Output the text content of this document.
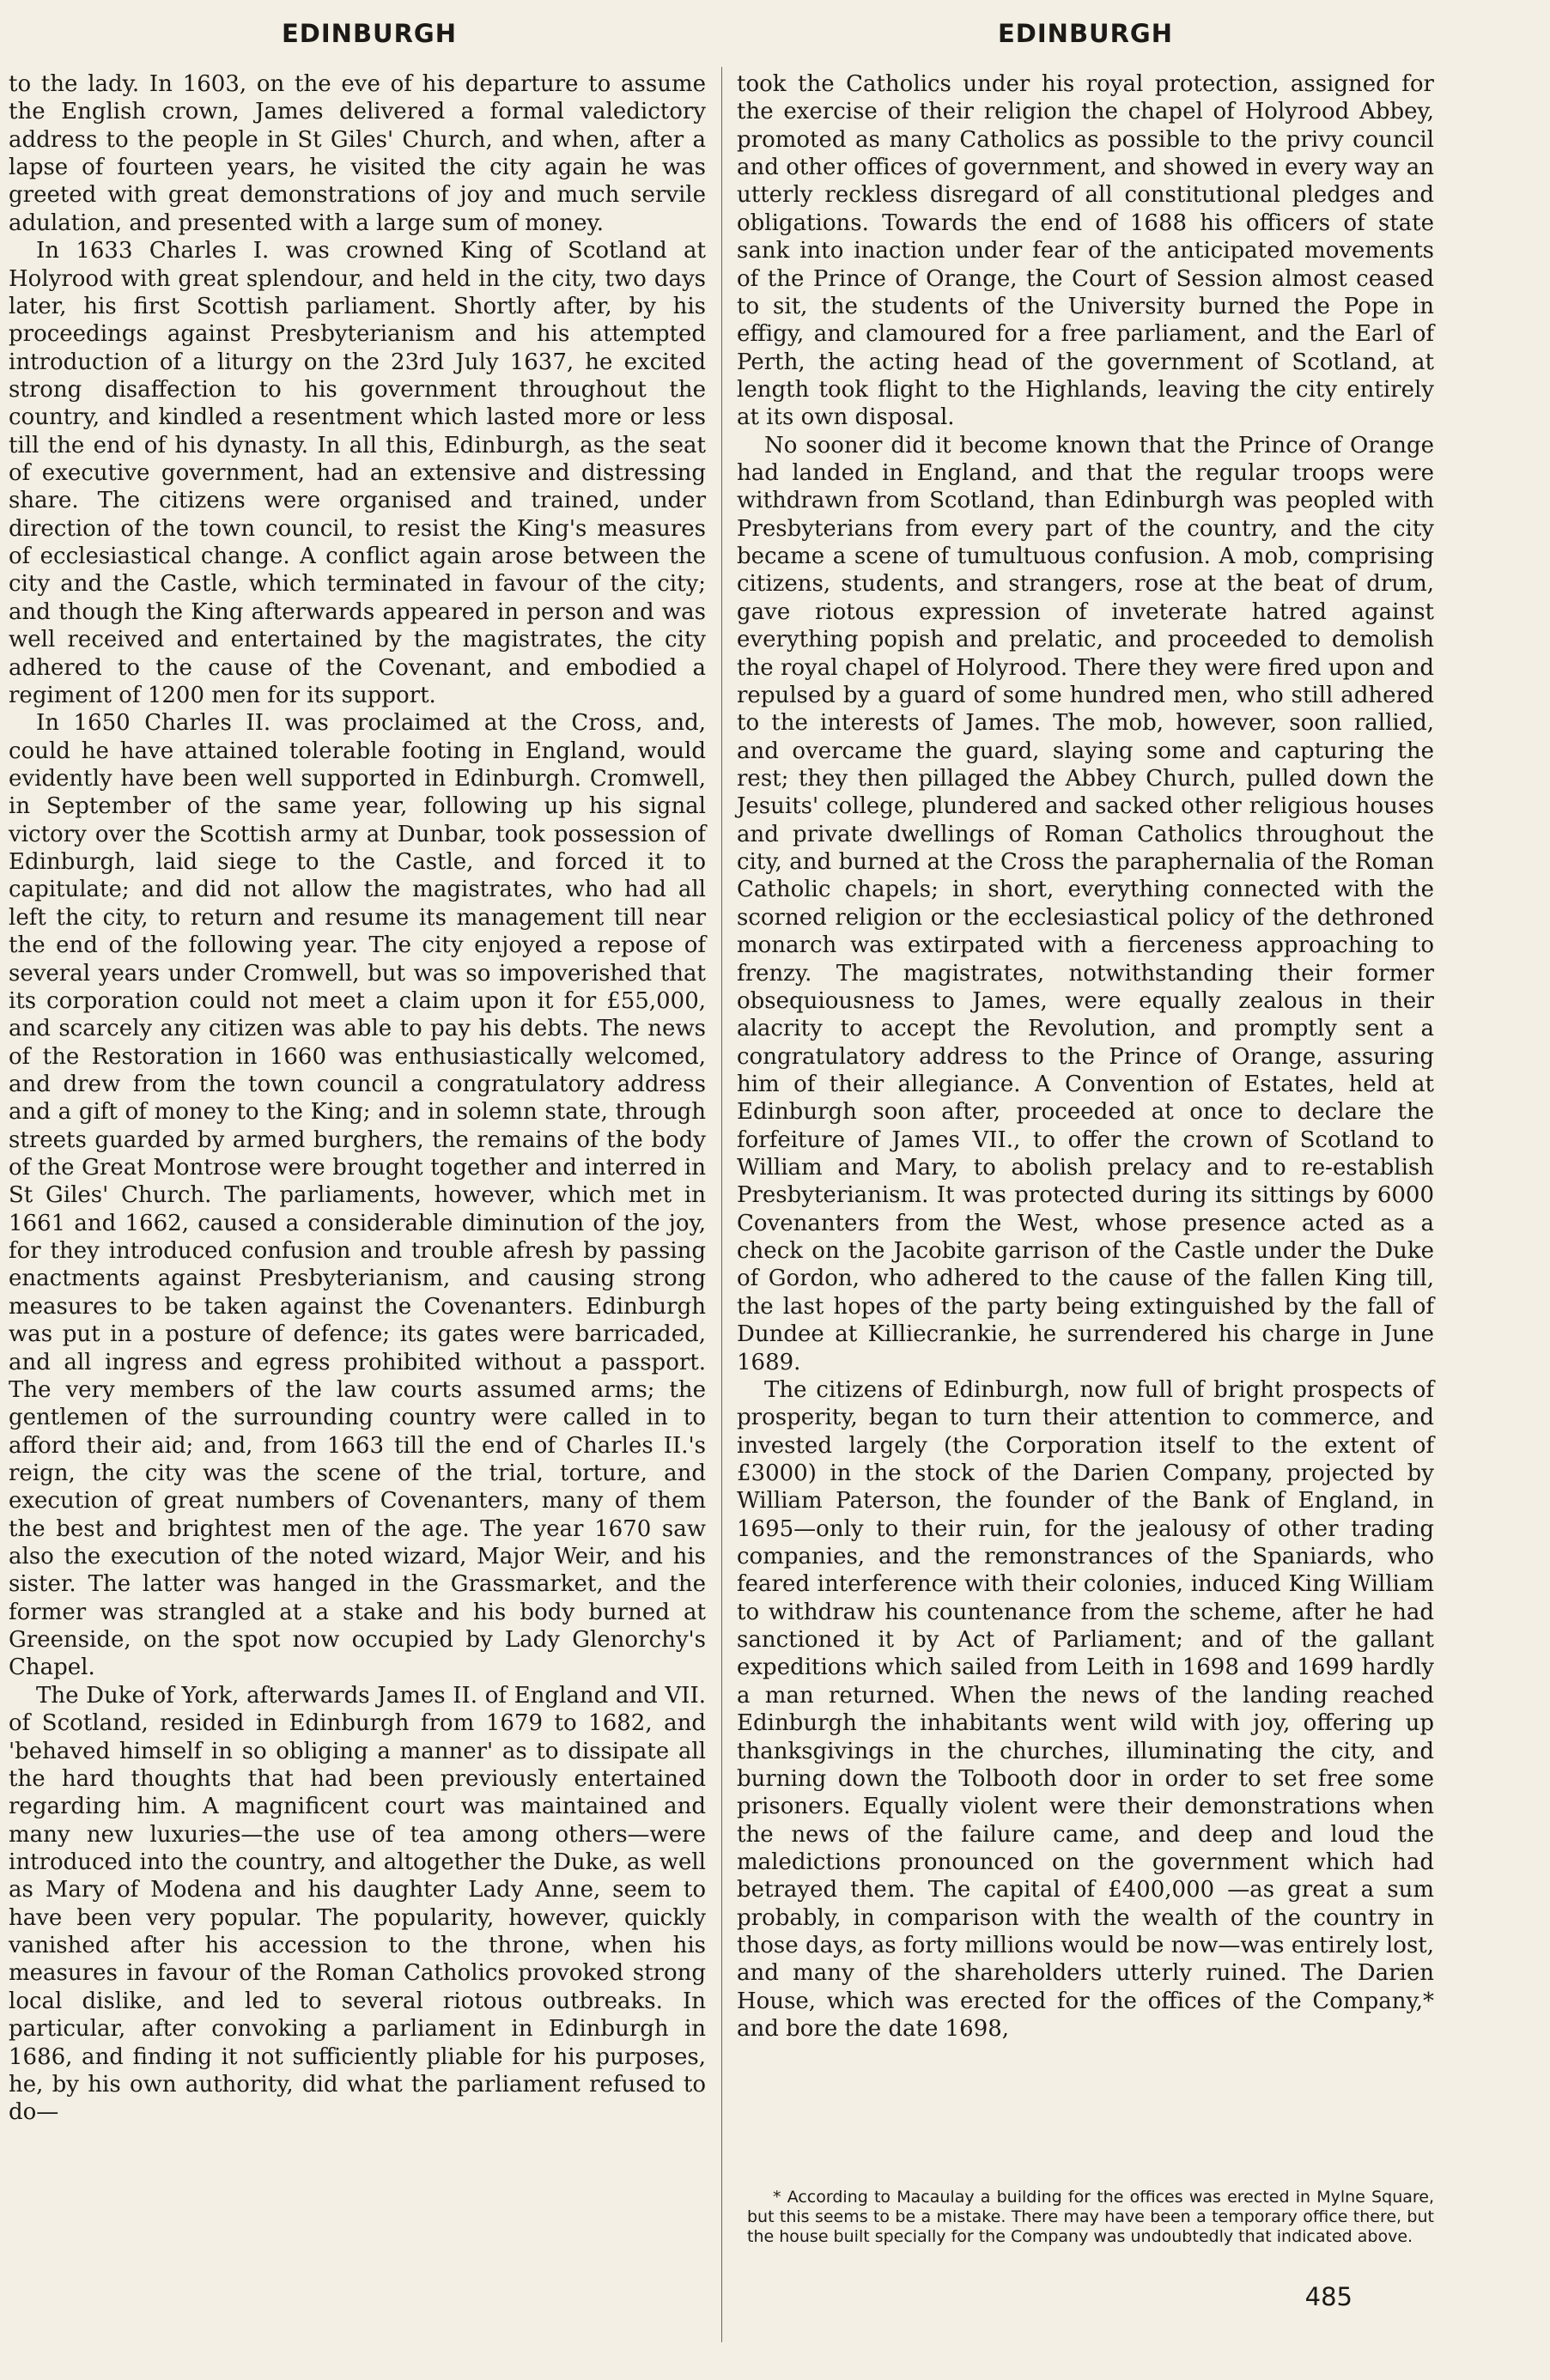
EDINBURGH	EDINBURGH

to the lady. In 1603, on the eve of his departure to assume the English crown, James delivered a formal valedictory address to the people in St Giles' Church, and when, after a lapse of fourteen years, he visited the city again he was greeted with great demonstrations of joy and much servile adulation, and presented with a large sum of money.

In 1633 Charles I. was crowned King of Scotland at Holyrood with great splendour, and held in the city, two days later, his first Scottish parliament. Shortly after, by his proceedings against Presbyterianism and his attempted introduction of a liturgy on the 23rd July 1637, he excited strong disaffection to his government throughout the country, and kindled a resentment which lasted more or less till the end of his dynasty. In all this, Edinburgh, as the seat of executive government, had an extensive and distressing share. The citizens were organised and trained, under direction of the town council, to resist the King's measures of ecclesiastical change. A conflict again arose between the city and the Castle, which terminated in favour of the city; and though the King afterwards appeared in person and was well received and entertained by the magistrates, the city adhered to the cause of the Covenant, and embodied a regiment of 1200 men for its support.

In 1650 Charles II. was proclaimed at the Cross, and, could he have attained tolerable footing in England, would evidently have been well supported in Edinburgh. Cromwell, in September of the same year, following up his signal victory over the Scottish army at Dunbar, took possession of Edinburgh, laid siege to the Castle, and forced it to capitulate; and did not allow the magistrates, who had all left the city, to return and resume its management till near the end of the following year. The city enjoyed a repose of several years under Cromwell, but was so impoverished that its corporation could not meet a claim upon it for £55,000, and scarcely any citizen was able to pay his debts. The news of the Restoration in 1660 was enthusiastically welcomed, and drew from the town council a congratulatory address and a gift of money to the King; and in solemn state, through streets guarded by armed burghers, the remains of the body of the Great Montrose were brought together and interred in St Giles' Church. The parliaments, however, which met in 1661 and 1662, caused a considerable diminution of the joy, for they introduced confusion and trouble afresh by passing enactments against Presbyterianism, and causing strong measures to be taken against the Covenanters. Edinburgh was put in a posture of defence; its gates were barricaded, and all ingress and egress prohibited without a passport. The very members of the law courts assumed arms; the gentlemen of the surrounding country were called in to afford their aid; and, from 1663 till the end of Charles II.'s reign, the city was the scene of the trial, torture, and execution of great numbers of Covenanters, many of them the best and brightest men of the age. The year 1670 saw also the execution of the noted wizard, Major Weir, and his sister. The latter was hanged in the Grassmarket, and the former was strangled at a stake and his body burned at Greenside, on the spot now occupied by Lady Glenorchy's Chapel.

The Duke of York, afterwards James II. of England and VII. of Scotland, resided in Edinburgh from 1679 to 1682, and 'behaved himself in so obliging a manner' as to dissipate all the hard thoughts that had been previously entertained regarding him. A magnificent court was maintained and many new luxuries—the use of tea among others—were introduced into the country, and altogether the Duke, as well as Mary of Modena and his daughter Lady Anne, seem to have been very popular. The popularity, however, quickly vanished after his accession to the throne, when his measures in favour of the Roman Catholics provoked strong local dislike, and led to several riotous outbreaks. In particular, after convoking a parliament in Edinburgh in 1686, and finding it not sufficiently pliable for his purposes, he, by his own authority, did what the parliament refused to do—

took the Catholics under his royal protection, assigned for the exercise of their religion the chapel of Holyrood Abbey, promoted as many Catholics as possible to the privy council and other offices of government, and showed in every way an utterly reckless disregard of all constitutional pledges and obligations. Towards the end of 1688 his officers of state sank into inaction under fear of the anticipated movements of the Prince of Orange, the Court of Session almost ceased to sit, the students of the University burned the Pope in effigy, and clamoured for a free parliament, and the Earl of Perth, the acting head of the government of Scotland, at length took flight to the Highlands, leaving the city entirely at its own disposal.

No sooner did it become known that the Prince of Orange had landed in England, and that the regular troops were withdrawn from Scotland, than Edinburgh was peopled with Presbyterians from every part of the country, and the city became a scene of tumultuous confusion. A mob, comprising citizens, students, and strangers, rose at the beat of drum, gave riotous expression of inveterate hatred against everything popish and prelatic, and proceeded to demolish the royal chapel of Holyrood. There they were fired upon and repulsed by a guard of some hundred men, who still adhered to the interests of James. The mob, however, soon rallied, and overcame the guard, slaying some and capturing the rest; they then pillaged the Abbey Church, pulled down the Jesuits' college, plundered and sacked other religious houses and private dwellings of Roman Catholics throughout the city, and burned at the Cross the paraphernalia of the Roman Catholic chapels; in short, everything connected with the scorned religion or the ecclesiastical policy of the dethroned monarch was extirpated with a fierceness approaching to frenzy. The magistrates, notwithstanding their former obsequiousness to James, were equally zealous in their alacrity to accept the Revolution, and promptly sent a congratulatory address to the Prince of Orange, assuring him of their allegiance. A Convention of Estates, held at Edinburgh soon after, proceeded at once to declare the forfeiture of James VII., to offer the crown of Scotland to William and Mary, to abolish prelacy and to re-establish Presbyterianism. It was protected during its sittings by 6000 Covenanters from the West, whose presence acted as a check on the Jacobite garrison of the Castle under the Duke of Gordon, who adhered to the cause of the fallen King till, the last hopes of the party being extinguished by the fall of Dundee at Killiecrankie, he surrendered his charge in June 1689.

The citizens of Edinburgh, now full of bright prospects of prosperity, began to turn their attention to commerce, and invested largely (the Corporation itself to the extent of £3000) in the stock of the Darien Company, projected by William Paterson, the founder of the Bank of England, in 1695—only to their ruin, for the jealousy of other trading companies, and the remonstrances of the Spaniards, who feared interference with their colonies, induced King William to withdraw his countenance from the scheme, after he had sanctioned it by Act of Parliament; and of the gallant expeditions which sailed from Leith in 1698 and 1699 hardly a man returned. When the news of the landing reached Edinburgh the inhabitants went wild with joy, offering up thanksgivings in the churches, illuminating the city, and burning down the Tolbooth door in order to set free some prisoners. Equally violent were their demonstrations when the news of the failure came, and deep and loud the maledictions pronounced on the government which had betrayed them. The capital of £400,000 —as great a sum probably, in comparison with the wealth of the country in those days, as forty millions would be now—was entirely lost, and many of the shareholders utterly ruined. The Darien House, which was erected for the offices of the Company,* and bore the date 1698,

* According to Macaulay a building for the offices was erected in Mylne Square, but this seems to be a mistake. There may have been a temporary office there, but the house built specially for the Company was undoubtedly that indicated above.

485
